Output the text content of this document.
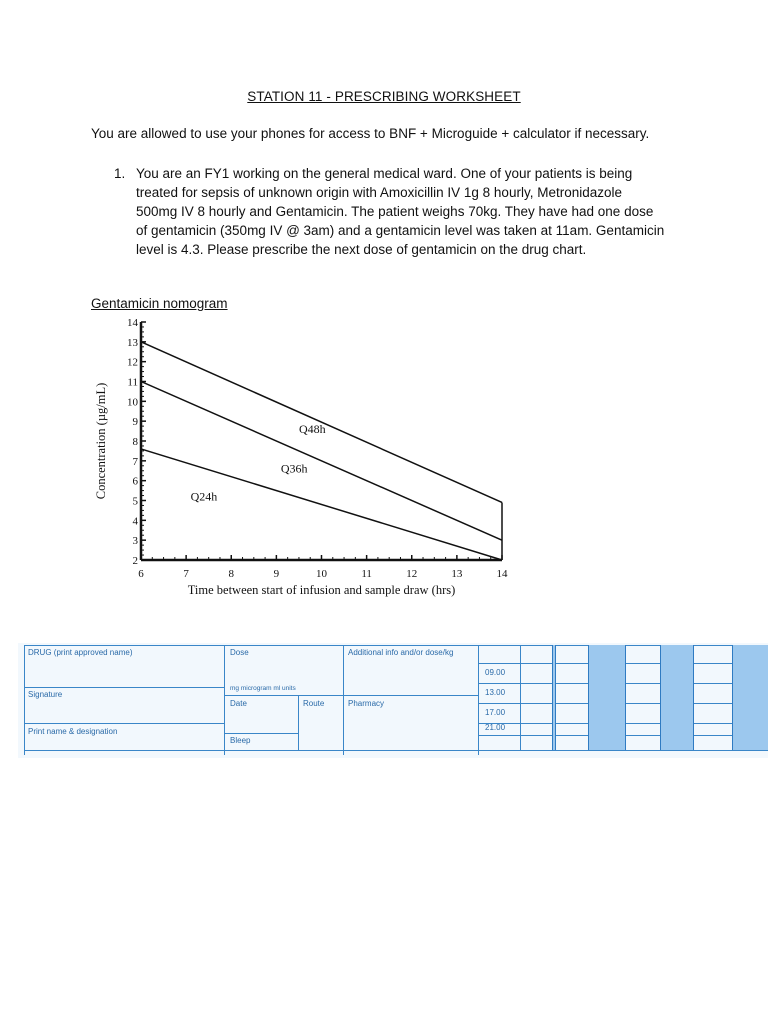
STATION 11 - PRESCRIBING WORKSHEET
You are allowed to use your phones for access to BNF + Microguide + calculator if necessary.
1. You are an FY1 working on the general medical ward. One of your patients is being
treated for sepsis of unknown origin with Amoxicillin IV 1g 8 hourly, Metronidazole
500mg IV 8 hourly and Gentamicin. The patient weighs 70kg. They have had one dose
of gentamicin (350mg IV @ 3am) and a gentamicin level was taken at 11am. Gentamicin
level is 4.3. Please prescribe the next dose of gentamicin on the drug chart.
Gentamicin nomogram
2
3
4
5
6
7
8
9
10
11
12
13
14
6	7	8	9	10	11	12	13	14
Q48h
Q36h
Q24h
Time between start of infusion and sample draw (hrs)
Concentration (µg/mL)
DRUG (print approved name)	Dose	Additional info and/or dose/kg
mg microgram ml units
Signature
Date	Route	Pharmacy
Print name & designation
Bleep
09.00
13.00
17.00
21.00
